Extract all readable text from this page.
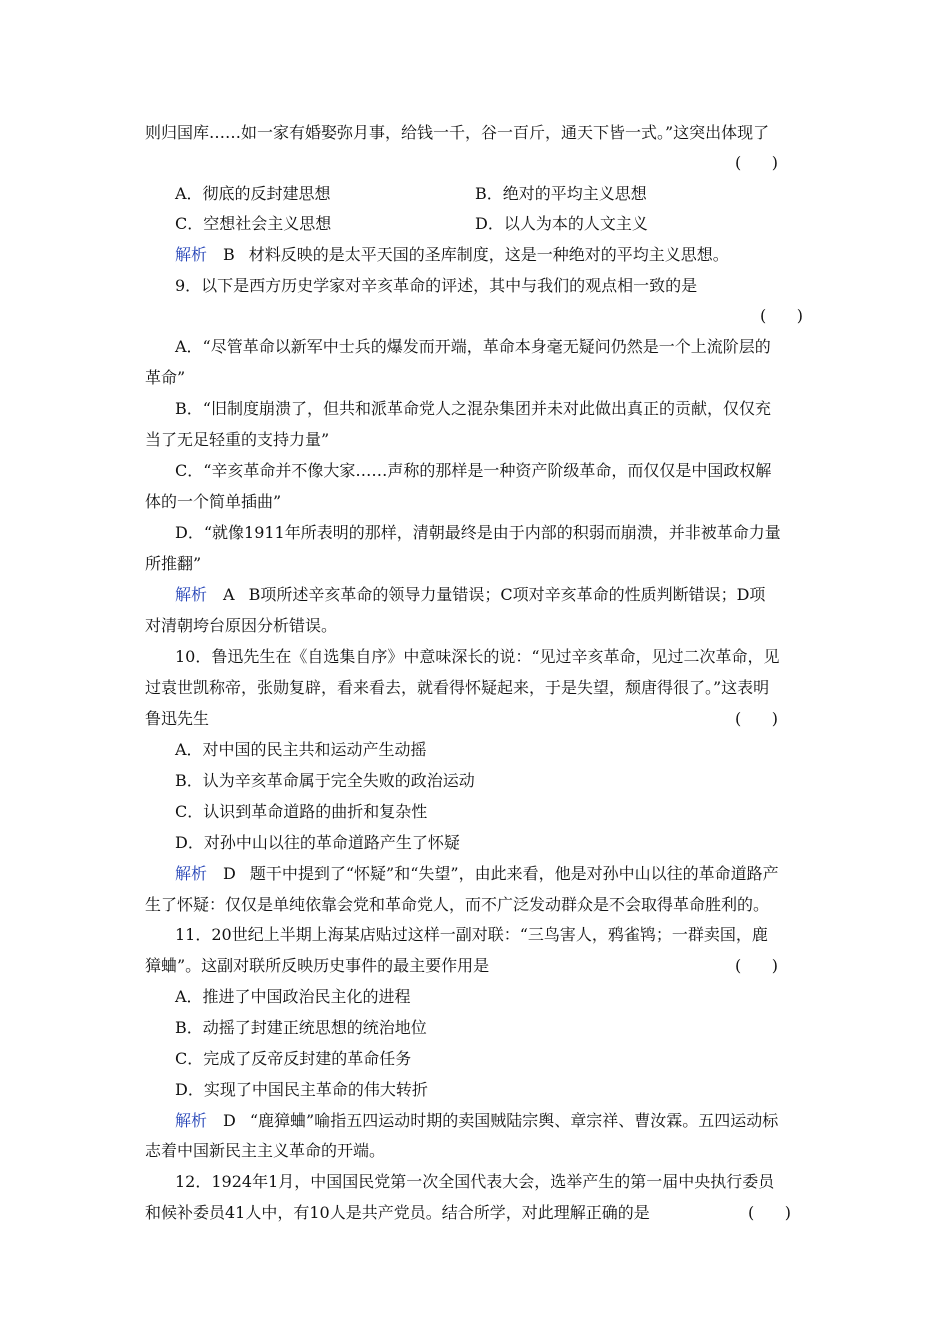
则归国库……如一家有婚娶弥月事，给钱一千，谷一百斤，通天下皆一式。”这突出体现了
(      )
A．彻底的反封建思想	B．绝对的平均主义思想
C．空想社会主义思想	D．以人为本的人文主义
解析 B 材料反映的是太平天国的圣库制度，这是一种绝对的平均主义思想。
9．以下是西方历史学家对辛亥革命的评述，其中与我们的观点相一致的是
(      )
A．“尽管革命以新军中士兵的爆发而开端，革命本身毫无疑问仍然是一个上流阶层的
革命”
B．“旧制度崩溃了，但共和派革命党人之混杂集团并未对此做出真正的贡献，仅仅充
当了无足轻重的支持力量”
C．“辛亥革命并不像大家……声称的那样是一种资产阶级革命，而仅仅是中国政权解
体的一个简单插曲”
D．“就像1911年所表明的那样，清朝最终是由于内部的积弱而崩溃，并非被革命力量
所推翻”
解析 A B项所述辛亥革命的领导力量错误；C项对辛亥革命的性质判断错误；D项
对清朝垮台原因分析错误。
10．鲁迅先生在《自选集自序》中意味深长的说：“见过辛亥革命，见过二次革命，见
过袁世凯称帝，张勋复辟，看来看去，就看得怀疑起来，于是失望，颓唐得很了。”这表明
鲁迅先生	(      )
A．对中国的民主共和运动产生动摇
B．认为辛亥革命属于完全失败的政治运动
C．认识到革命道路的曲折和复杂性
D．对孙中山以往的革命道路产生了怀疑
解析 D 题干中提到了“怀疑”和“失望”，由此来看，他是对孙中山以往的革命道路产
生了怀疑：仅仅是单纯依靠会党和革命党人，而不广泛发动群众是不会取得革命胜利的。
11．20世纪上半期上海某店贴过这样一副对联：“三鸟害人，鸦雀鸨；一群卖国，鹿
獐蛐”。这副对联所反映历史事件的最主要作用是	(      )
A．推进了中国政治民主化的进程
B．动摇了封建正统思想的统治地位
C．完成了反帝反封建的革命任务
D．实现了中国民主革命的伟大转折
解析 D “鹿獐蛐”喻指五四运动时期的卖国贼陆宗舆、章宗祥、曹汝霖。五四运动标
志着中国新民主主义革命的开端。
12．1924年1月，中国国民党第一次全国代表大会，选举产生的第一届中央执行委员
和候补委员41人中，有10人是共产党员。结合所学，对此理解正确的是	(      )
